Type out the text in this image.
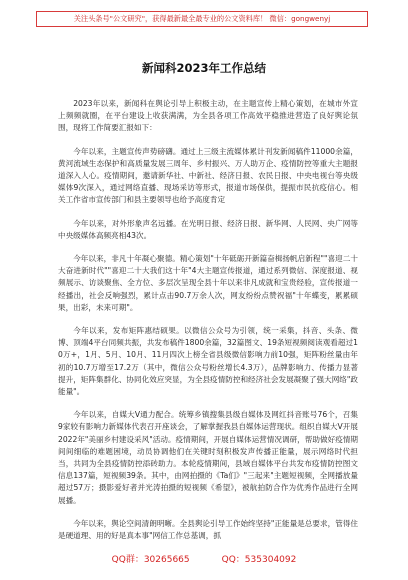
关注头条号"公文研究"，获得最新最全最专业的公文资料库！ 微信：gongwenyj
新闻科2023年工作总结

2023年以来，新闻科在舆论引导上积极主动，在主题宣传上精心策划，在城市外宣上频频就圈，在平台建设上收获满满，为全县各项工作高效平稳推进营造了良好舆论氛围，现将工作简要汇报如下：

今年以来，主题宣传声势磅礴。通过上三级主流媒体累计刊发新闻稿件11000余篇，黄河流域生态保护和高质量发展三周年、乡村振兴、万人助万企、疫情防控等重大主题报道深入人心。疫情期间，邀请新华社、中新社、经济日报、农民日报、中央电视台等央级媒体9次深入，通过网络直播、现场采访等形式，报道市场保供，提振市民抗疫信心。相关工作省市宣传部门和县主要领导也给予高度肯定

今年以来，对外形象声名远播。在光明日报、经济日报、新华网、人民网、央广网等中央级媒体高频亮相43次。

今年以来，非凡十年凝心聚德。精心策划"十年砥砺开新篇奋楫扬帆启新程""喜迎二十大奋进新时代""喜迎二十大我们这十年"4大主题宣传报道，通过系列微信、深度报道、视频展示、访谈聚焦、全方位、多层次呈现全县十年以来非凡成就和宝贵经验，宣传报道一经播出，社会反响强烈，累计点击90.7万余人次，网友纷纷点赞祝福"十年蝶变，累累硕果，出彩，未来可期"。

今年以来，发布矩阵惠结硕果。以微信公众号为引领，统一采集，抖音、头条、微博、顶端4平台同频共振，共发布稿件1800余篇，32篇图文、19条短视频阅读观看超过10万+，1月、5月、10月、11月四次上榜全省县级微信影响力前10强，矩阵粉丝量由年初的10.7万增至17.2万（其中，微信公众号粉丝增长4.3万），品牌影响力、传播力显著提升，矩阵集群化、协同化效应突显，为全县疫情防控和经济社会发展凝聚了强大网络"政能量"。

今年以来，自媒大V通力配合。统筹乡镇搜集县级自媒体及网红抖音账号76个，召集9家较有影响力新媒体代表召开座谈会，了解掌握我县自媒体运营现状。组织自媒大V开展2022年"美丽乡村建设采风"活动。疫情期间，开展自媒体运营情况调研，帮助做好疫情期间间细临的难题困境，动员协调他们在关键时刻积极发声传播正能量，展示网络时代担当，共同为全县疫情防控添砖助力。本轮疫情期间，县域自媒体平台共发布疫情防控图文信息137篇，短视频39条。其中，由网拍摄的《Ta们》"三起来"主题短视频，全网播放量超过57万；摄影爱好者并光涛拍摄的短视频《希望》，被航拍防合作为优秀作品进行全网展播。

今年以来，舆论空间清朗明晰。全县舆论引导工作始终坚持"正能量是总要求，管得住是硬道理、用的好是真本事"网信工作总基调，抓

QQ群：30265665	QQ：535304092
